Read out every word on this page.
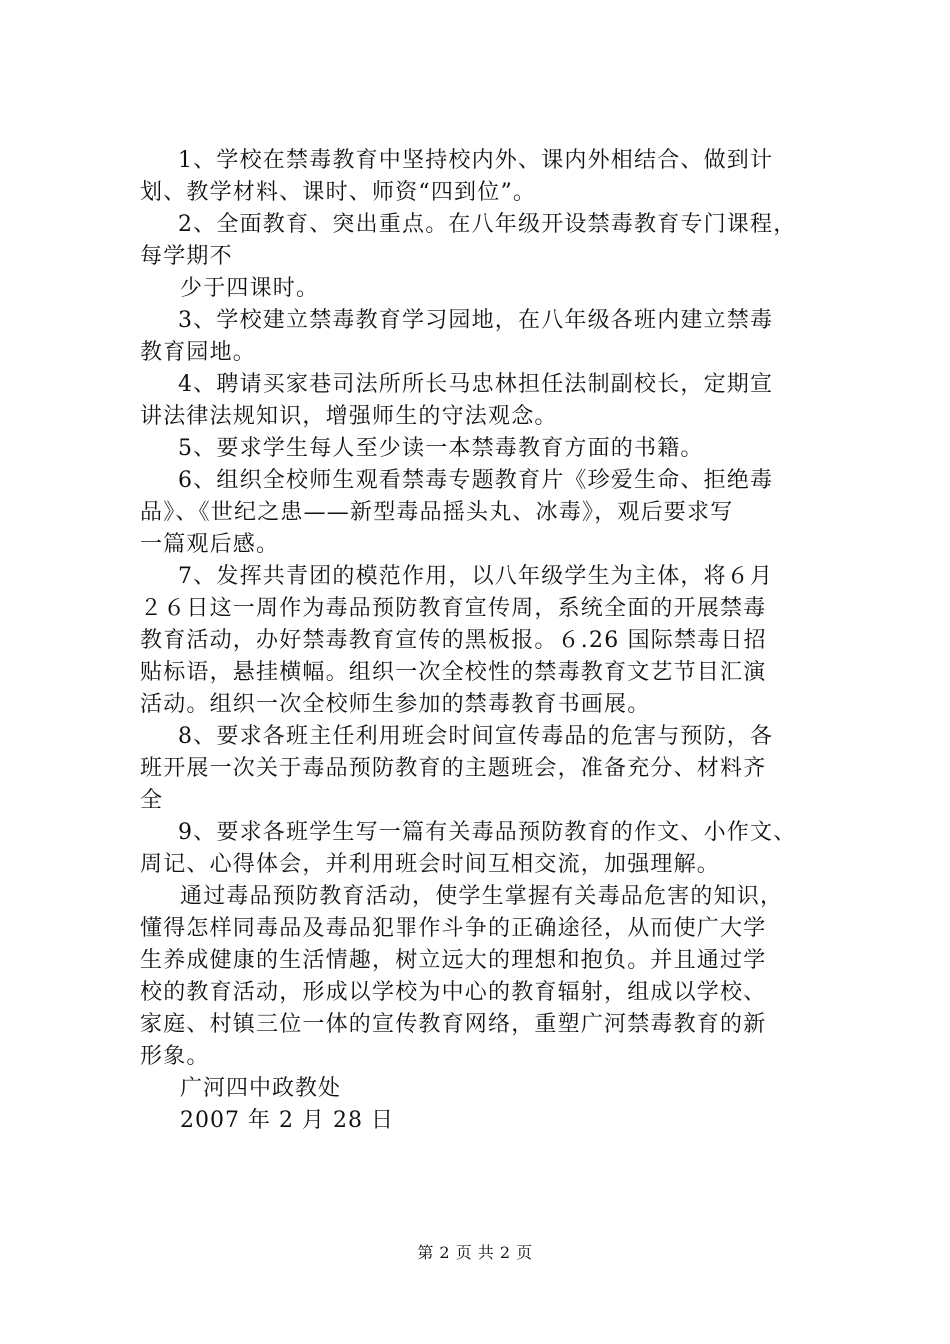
1、学校在禁毒教育中坚持校内外、课内外相结合、做到计

划、教学材料、课时、师资“四到位”。

2、全面教育、突出重点。在八年级开设禁毒教育专门课程，

每学期不

少于四课时。

3、学校建立禁毒教育学习园地，在八年级各班内建立禁毒

教育园地。

4、聘请买家巷司法所所长马忠林担任法制副校长，定期宣

讲法律法规知识，增强师生的守法观念。

5、要求学生每人至少读一本禁毒教育方面的书籍。

6、组织全校师生观看禁毒专题教育片《珍爱生命、拒绝毒

品》、《世纪之患——新型毒品摇头丸、冰毒》，观后要求写

一篇观后感。

7、发挥共青团的模范作用，以八年级学生为主体，将６月

２６日这一周作为毒品预防教育宣传周，系统全面的开展禁毒

教育活动，办好禁毒教育宣传的黑板报。６.26 国际禁毒日招

贴标语，悬挂横幅。组织一次全校性的禁毒教育文艺节目汇演

活动。组织一次全校师生参加的禁毒教育书画展。

8、要求各班主任利用班会时间宣传毒品的危害与预防，各

班开展一次关于毒品预防教育的主题班会，准备充分、材料齐

全

9、要求各班学生写一篇有关毒品预防教育的作文、小作文、

周记、心得体会，并利用班会时间互相交流，加强理解。

通过毒品预防教育活动，使学生掌握有关毒品危害的知识，

懂得怎样同毒品及毒品犯罪作斗争的正确途径，从而使广大学

生养成健康的生活情趣，树立远大的理想和抱负。并且通过学

校的教育活动，形成以学校为中心的教育辐射，组成以学校、

家庭、村镇三位一体的宣传教育网络，重塑广河禁毒教育的新

形象。

广河四中政教处

2007 年 2 月 28 日

第 2 页 共 2 页
